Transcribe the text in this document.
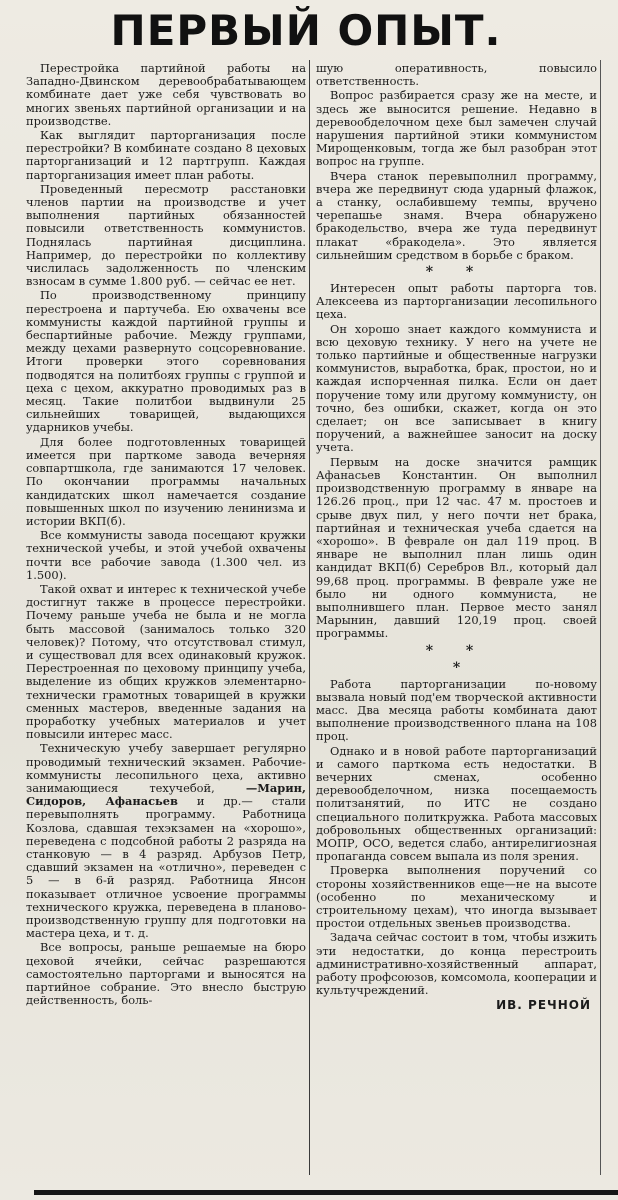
ПЕРВЫЙ ОПЫТ.

Перестройка партийной работы на Западно-Двинском деревообрабатывающем комбинате дает уже себя чувствовать во многих звеньях партийной организации и на производстве.

Как выглядит парторганизация после перестройки? В комбинате создано 8 цеховых парторганизаций и 12 партгрупп. Каждая парторганизация имеет план работы.

Проведенный пересмотр расстановки членов партии на производстве и учет выполнения партийных обязанностей повысили ответственность коммунистов. Поднялась партийная дисциплина. Например, до перестройки по коллективу числилась задолженность по членским взносам в сумме 1.800 руб. — сейчас ее нет.

По производственному принципу перестроена и партучеба. Ею охвачены все коммунисты каждой партийной группы и беспартийные рабочие. Между группами, между цехами развернуто соцсоревнование. Итоги проверки этого соревнования подводятся на политбоях группы с группой и цеха с цехом, аккуратно проводимых раз в месяц. Такие политбои выдвинули 25 сильнейших товарищей, выдающихся ударников учебы.

Для более подготовленных товарищей имеется при парткоме завода вечерняя совпартшкола, где занимаются 17 человек. По окончании программы начальных кандидатских школ намечается создание повышенных школ по изучению ленинизма и истории ВКП(б).

Все коммунисты завода посещают кружки технической учебы, и этой учебой охвачены почти все рабочие завода (1.300 чел. из 1.500).

Такой охват и интерес к технической учебе достигнут также в процессе перестройки. Почему раньше учеба не была и не могла быть массовой (занималось только 320 человек)? Потому, что отсутствовал стимул, и существовал для всех одинаковый кружок. Перестроенная по цеховому принципу учеба, выделение из общих кружков элементарно-технически грамотных товарищей в кружки сменных мастеров, введенные задания на проработку учебных материалов и учет повысили интерес масс.

Техническую учебу завершает регулярно проводимый технический экзамен. Рабочие-коммунисты лесопильного цеха, активно занимающиеся техучебой,	—Марин, Сидоров, Афанасьев и др.— стали перевыполнять программу. Работница Козлова, сдавшая техэкзамен на «хорошо», переведена с подсобной работы 2 разряда на станковую — в 4 разряд. Арбузов Петр, сдавший экзамен на «отлично», переведен с 5 — в 6-й разряд. Работница Янсон показывает отличное усвоение программы технического кружка, переведена в планово-производственную группу для подготовки на мастера цеха, и т. д.

Все вопросы, раньше решаемые на бюро цеховой ячейки, сейчас разрешаются самостоятельно парторгами и выносятся на партийное собрание. Это внесло быструю действенность, боль-

шую оперативность, повысило ответственность.

Вопрос разбирается сразу же на месте, и здесь же выносится решение. Недавно в деревообделочном цехе был замечен случай нарушения партийной этики коммунистом Мирощенковым, тогда же был разобран этот вопрос на группе.

Вчера станок перевыполнил программу, вчера же передвинут сюда ударный флажок, а станку, ослабившему темпы, вручено черепашье знамя. Вчера обнаружено бракодельство, вчера же туда передвинут плакат «бракодела». Это является сильнейшим средством в борьбе с браком.

* *

Интересен опыт работы парторга тов. Алексеева из парторганизации лесопильного цеха.

Он хорошо знает каждого коммуниста и всю цеховую технику. У него на учете не только партийные и общественные нагрузки коммунистов, выработка, брак, простои, но и каждая испорченная пилка. Если он дает поручение тому или другому коммунисту, он точно, без ошибки, скажет, когда он это сделает; он все записывает в книгу поручений, а важнейшее заносит на доску учета.

Первым на доске значится рамщик Афанасьев Константин. Он выполнил производственную программу в январе на 126.26 проц., при 12 час. 47 м. простоев и срыве двух пил, у него почти нет брака, партийная и техническая учеба сдается на «хорошо». В феврале он дал 119 проц. В январе не выполнил план лишь один кандидат ВКП(б) Серебров Вл., который дал 99,68 проц. программы. В феврале уже не было ни одного коммуниста, не выполнившего план. Первое место занял Марынин, давший 120,19 проц. своей программы.

* *
*

Работа парторганизации по-новому вызвала новый под'ем творческой активности масс. Два месяца работы комбината дают выполнение производственного плана на 108 проц.

Однако и в новой работе парторганизаций и самого парткома есть недостатки. В вечерних сменах, особенно деревообделочном, низка посещаемость политзанятий, по ИТС не создано специального политкружка. Работа массовых добровольных общественных организаций: МОПР, ОСО, ведется слабо, антирелигиозная пропаганда совсем выпала из поля зрения.

Проверка выполнения поручений со стороны хозяйственников еще—не на высоте (особенно по механическому и строительному цехам), что иногда вызывает простои отдельных звеньев производства.

Задача сейчас состоит в том, чтобы изжить эти недостатки, до конца перестроить административно-хозяйственный аппарат, работу профсоюзов, комсомола, кооперации и культучреждений.

ИВ. РЕЧНОЙ
